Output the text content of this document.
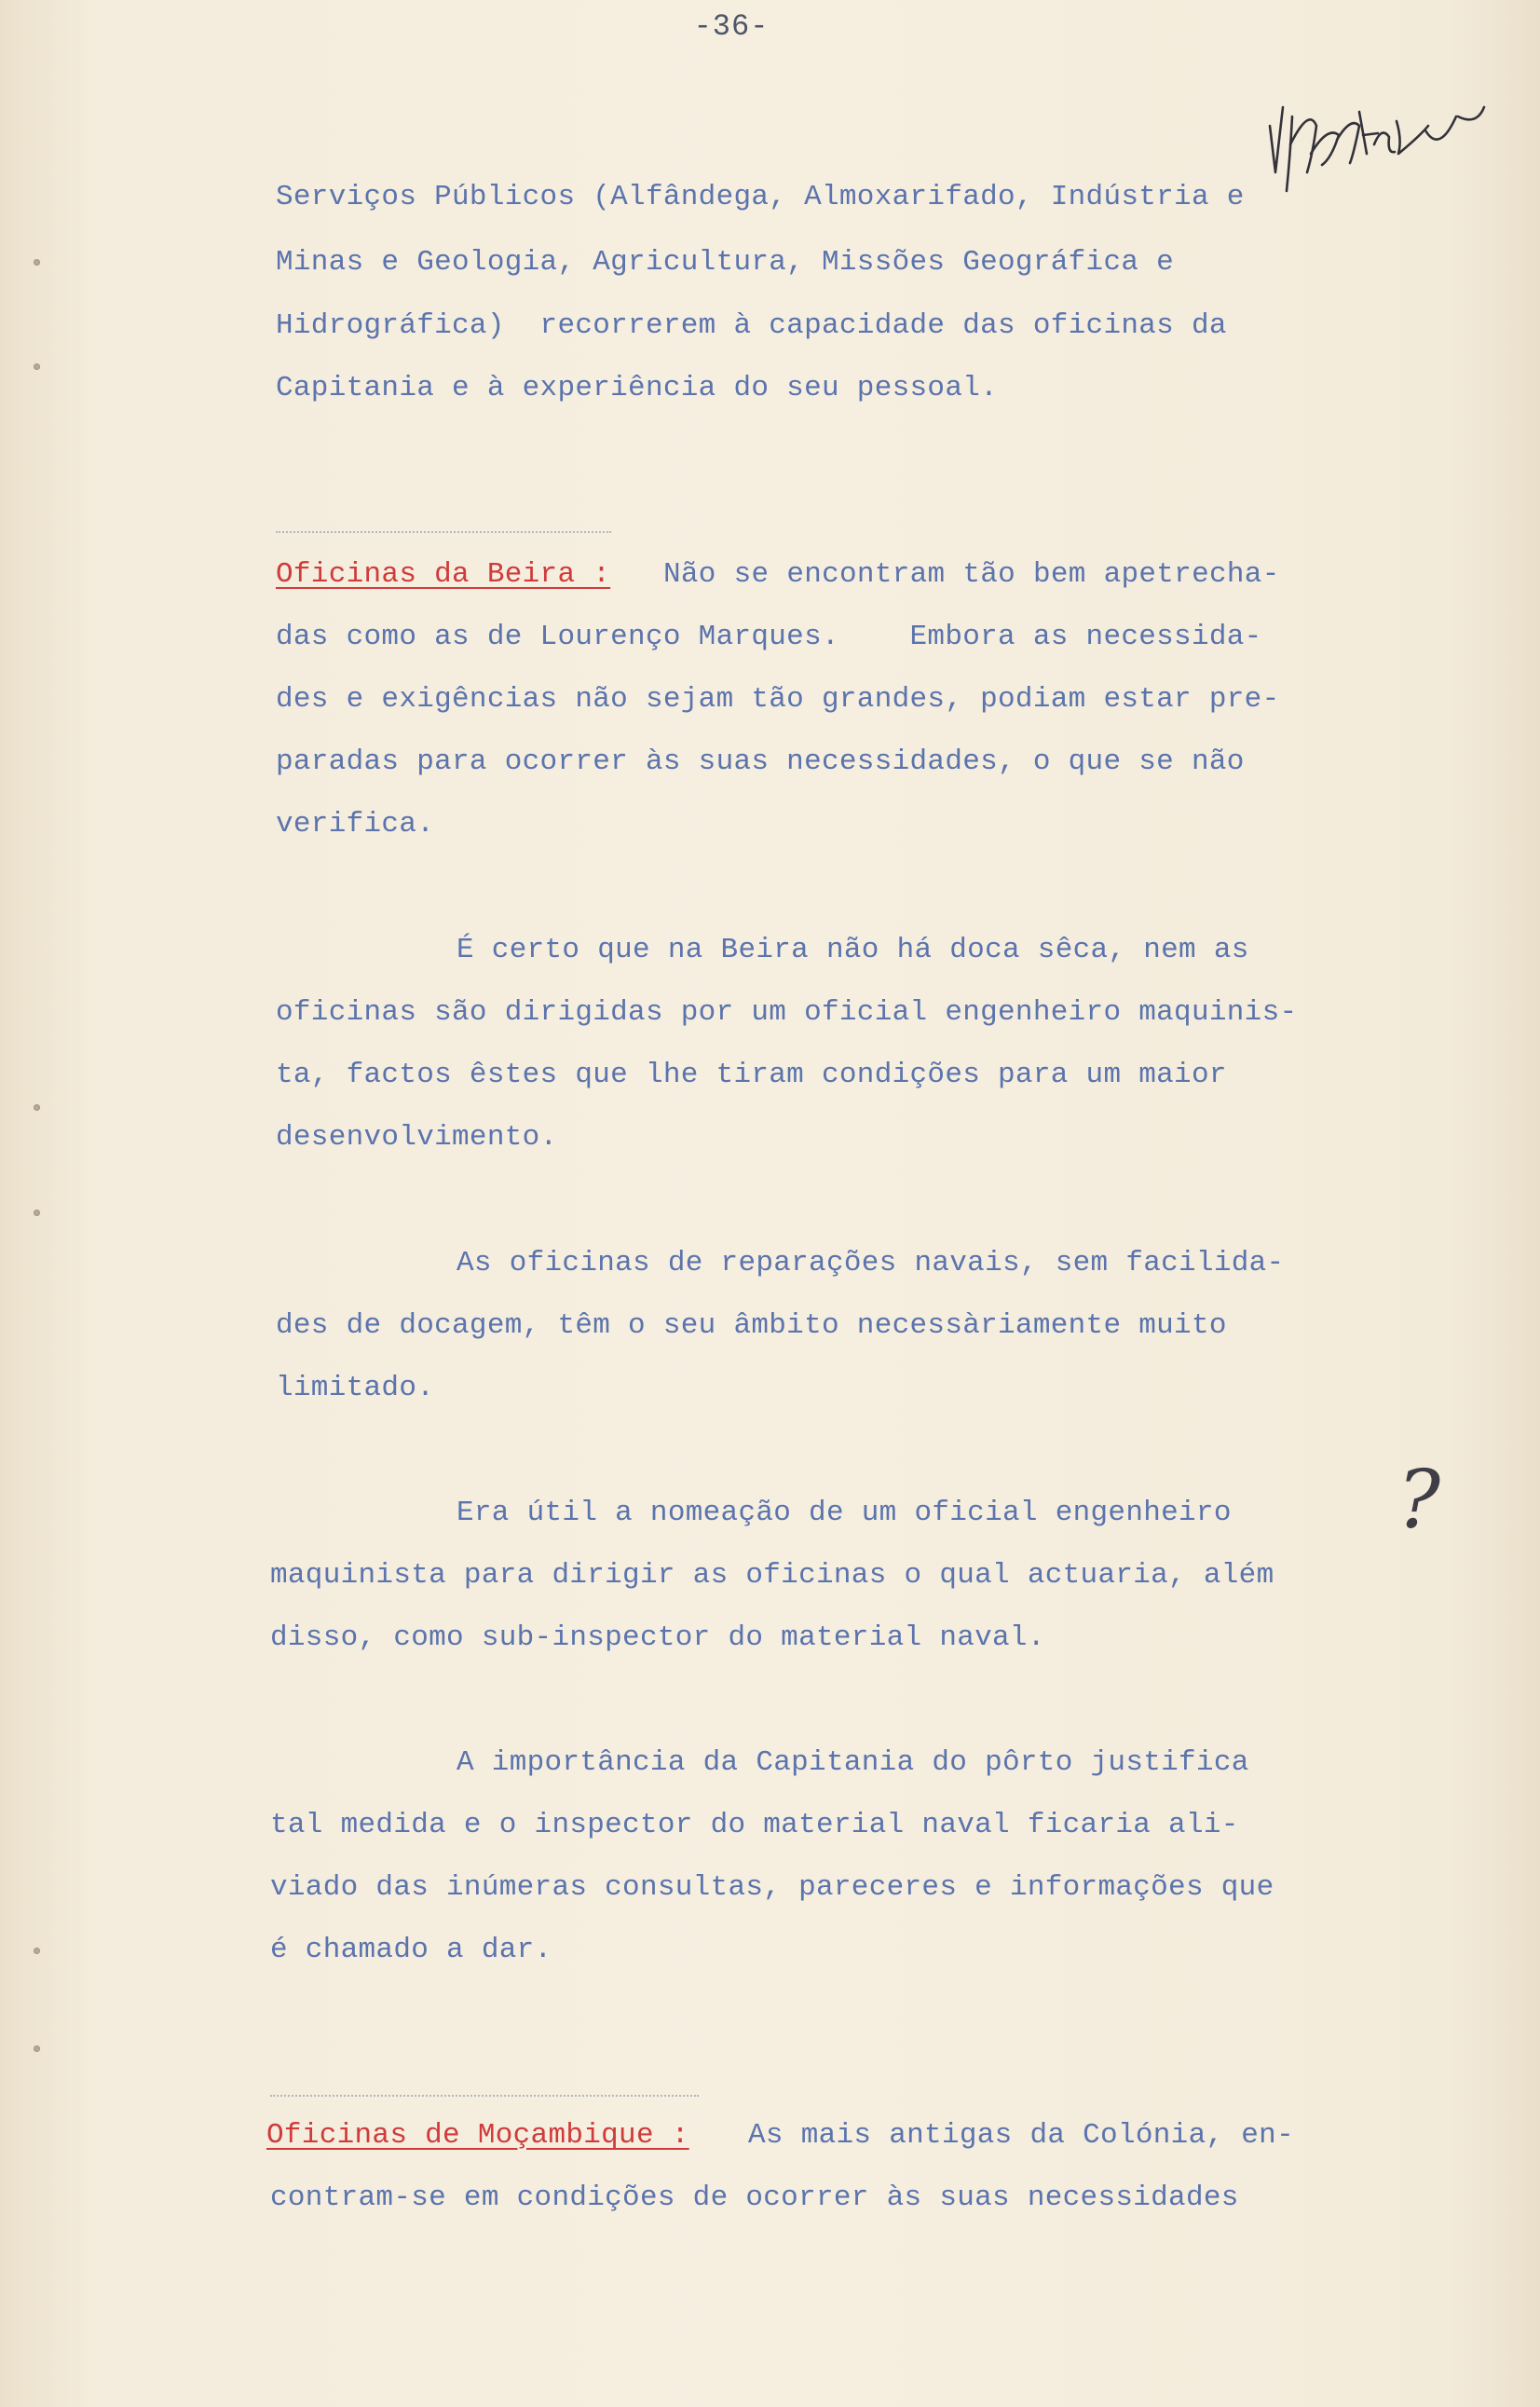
-36-
Serviços Públicos (Alfândega, Almoxarifado, Indústria e
Minas e Geologia, Agricultura, Missões Geográfica e
Hidrográfica)  recorrerem à capacidade das oficinas da
Capitania e à experiência do seu pessoal.
Oficinas da Beira : Não se encontram tão bem apetrecha-
das como as de Lourenço Marques.    Embora as necessida-
des e exigências não sejam tão grandes, podiam estar pre-
paradas para ocorrer às suas necessidades, o que se não
verifica.
É certo que na Beira não há doca sêca, nem as
oficinas são dirigidas por um oficial engenheiro maquinis-
ta, factos êstes que lhe tiram condições para um maior
desenvolvimento.
As oficinas de reparações navais, sem facilida-
des de docagem, têm o seu âmbito necessàriamente muito
limitado.
Era útil a nomeação de um oficial engenheiro
maquinista para dirigir as oficinas o qual actuaria, além
disso, como sub-inspector do material naval.
?
A importância da Capitania do pôrto justifica
tal medida e o inspector do material naval ficaria ali-
viado das inúmeras consultas, pareceres e informações que
é chamado a dar.
Oficinas de Moçambique : As mais antigas da Colónia, en-
contram-se em condições de ocorrer às suas necessidades
